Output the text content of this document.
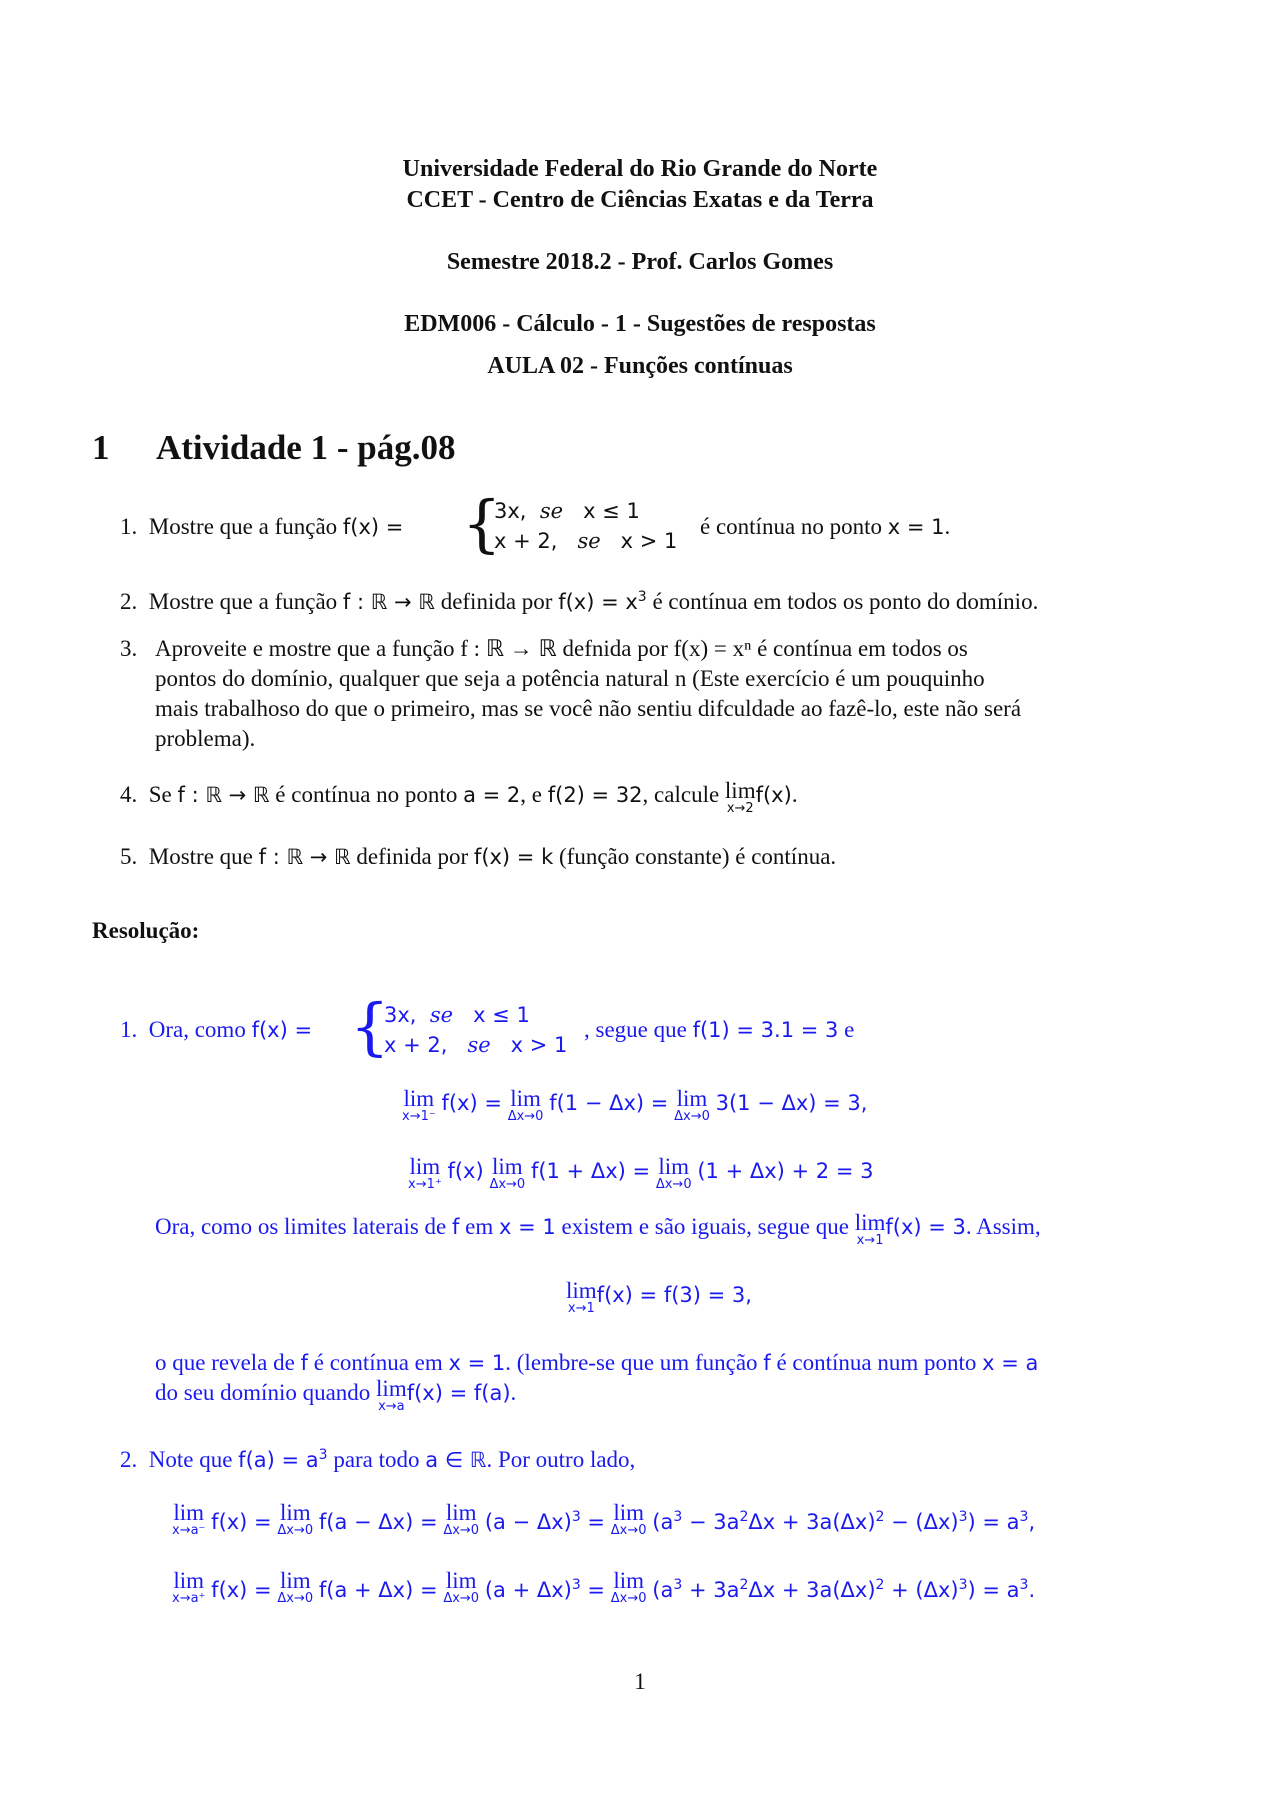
Universidade Federal do Rio Grande do Norte
CCET - Centro de Ciências Exatas e da Terra
Semestre 2018.2 - Prof. Carlos Gomes
EDM006 - Cálculo - 1 - Sugestões de respostas
AULA 02 - Funções contínuas
1 Atividade 1 - pág.08
1. Mostre que a função f(x) = {
3x,  se   x ≤ 1
x + 2,   se   x > 1
é contínua no ponto x = 1.
2. Mostre que a função f : ℝ → ℝ definida por $f(x) = x^3$ é contínua em todos os ponto do domínio.
3. Aproveite e mostre que a função f : ℝ → ℝ defnida por f(x) = xⁿ é contínua em todos os
pontos do domínio, qualquer que seja a potência natural n (Este exercício é um pouquinho
mais trabalhoso do que o primeiro, mas se você não sentiu difculdade ao fazê-lo, este não será
problema).
4. Se f : ℝ → ℝ é contínua no ponto a = 2, e f(2) = 32, calcule lim
x→2
f(x).
5. Mostre que f : ℝ → ℝ definida por f(x) = k (função constante) é contínua.
Resolução:
1. Ora, como f(x) = {
3x,  se   x ≤ 1
x + 2,   se   x > 1
, segue que f(1) = 3.1 = 3 e
lim
x→1⁻
f(x) = lim
Δx→0
f(1 − Δx) = lim
Δx→0
3(1 − Δx) = 3,
lim
x→1⁺
f(x) lim
Δx→0
f(1 + Δx) = lim
Δx→0
(1 + Δx) + 2 = 3
Ora, como os limites laterais de f em x = 1 existem e são iguais, segue que lim
x→1
f(x) = 3. Assim,
lim
x→1
f(x) = f(3) = 3,
o que revela de f é contínua em x = 1. (lembre-se que um função f é contínua num ponto x = a
do seu domínio quando lim
x→a
f(x) = f(a).
2. Note que $f(a) = a^3$ para todo a ∈ ℝ. Por outro lado,
lim
x→a⁻ f(x) = lim
Δx→0 f(a − Δx) = lim
Δx→0 $(a - \Delta x)^3 = \lim$
Δx→0 $(a^3 - 3a^2\Delta x + 3a(\Delta x)^2 - (\Delta x)^3) = a^3$,
lim
x→a⁺ f(x) = lim
Δx→0 f(a + Δx) = lim
Δx→0 $(a + \Delta x)^3 = \lim$
Δx→0 $(a^3 + 3a^2\Delta x + 3a(\Delta x)^2 + (\Delta x)^3) = a^3$.
1
